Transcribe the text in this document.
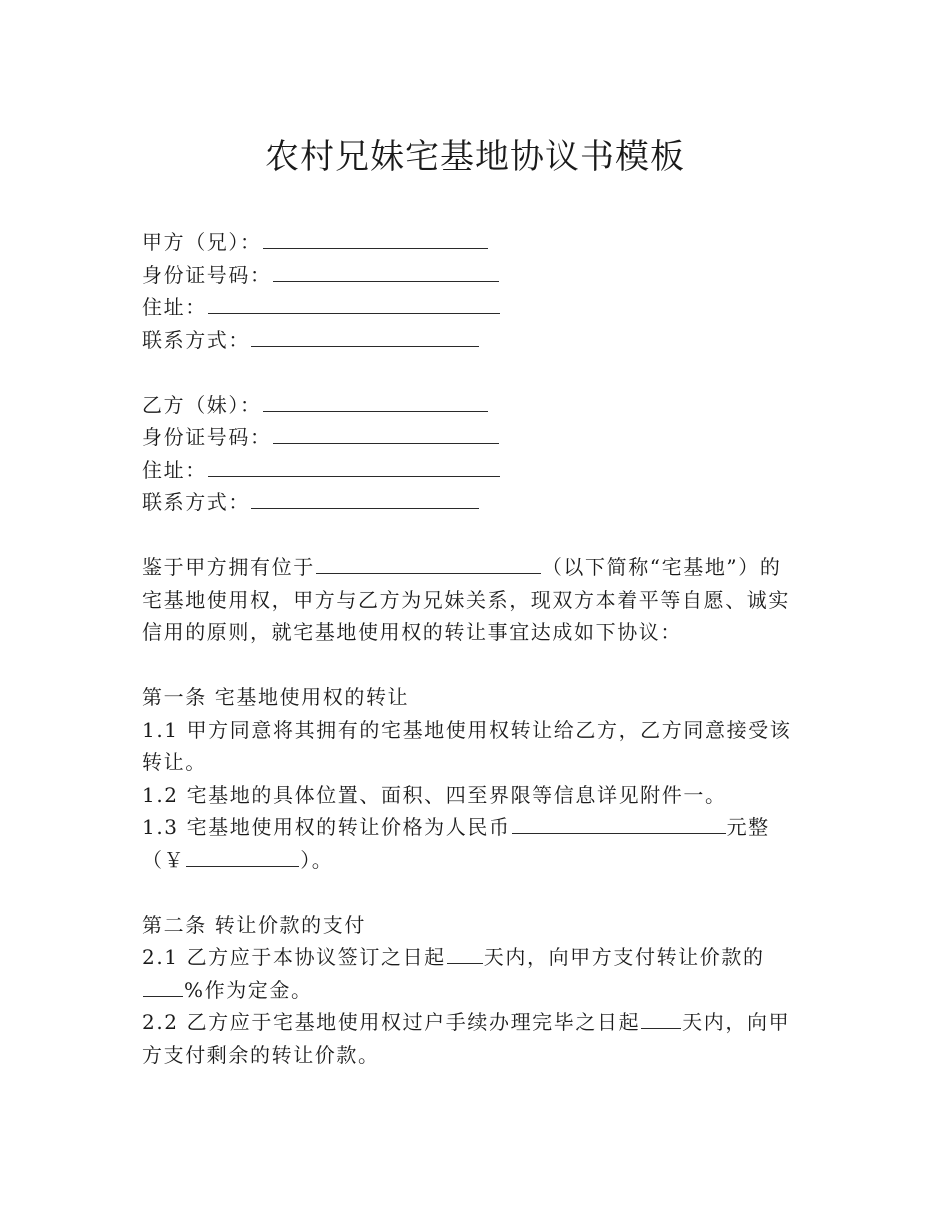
农村兄妹宅基地协议书模板
甲方（兄）：
身份证号码：
住址：
联系方式：
乙方（妹）：
身份证号码：
住址：
联系方式：
鉴于甲方拥有位于	（以下简称“宅基地”）的
宅基地使用权，甲方与乙方为兄妹关系，现双方本着平等自愿、诚实
信用的原则，就宅基地使用权的转让事宜达成如下协议：
第一条 宅基地使用权的转让
1.1 甲方同意将其拥有的宅基地使用权转让给乙方，乙方同意接受该
转让。
1.2 宅基地的具体位置、面积、四至界限等信息详见附件一。
1.3 宅基地使用权的转让价格为人民币	元整
（￥	）。
第二条 转让价款的支付
2.1 乙方应于本协议签订之日起 天内，向甲方支付转让价款的
%作为定金。
2.2 乙方应于宅基地使用权过户手续办理完毕之日起 天内，向甲
方支付剩余的转让价款。
